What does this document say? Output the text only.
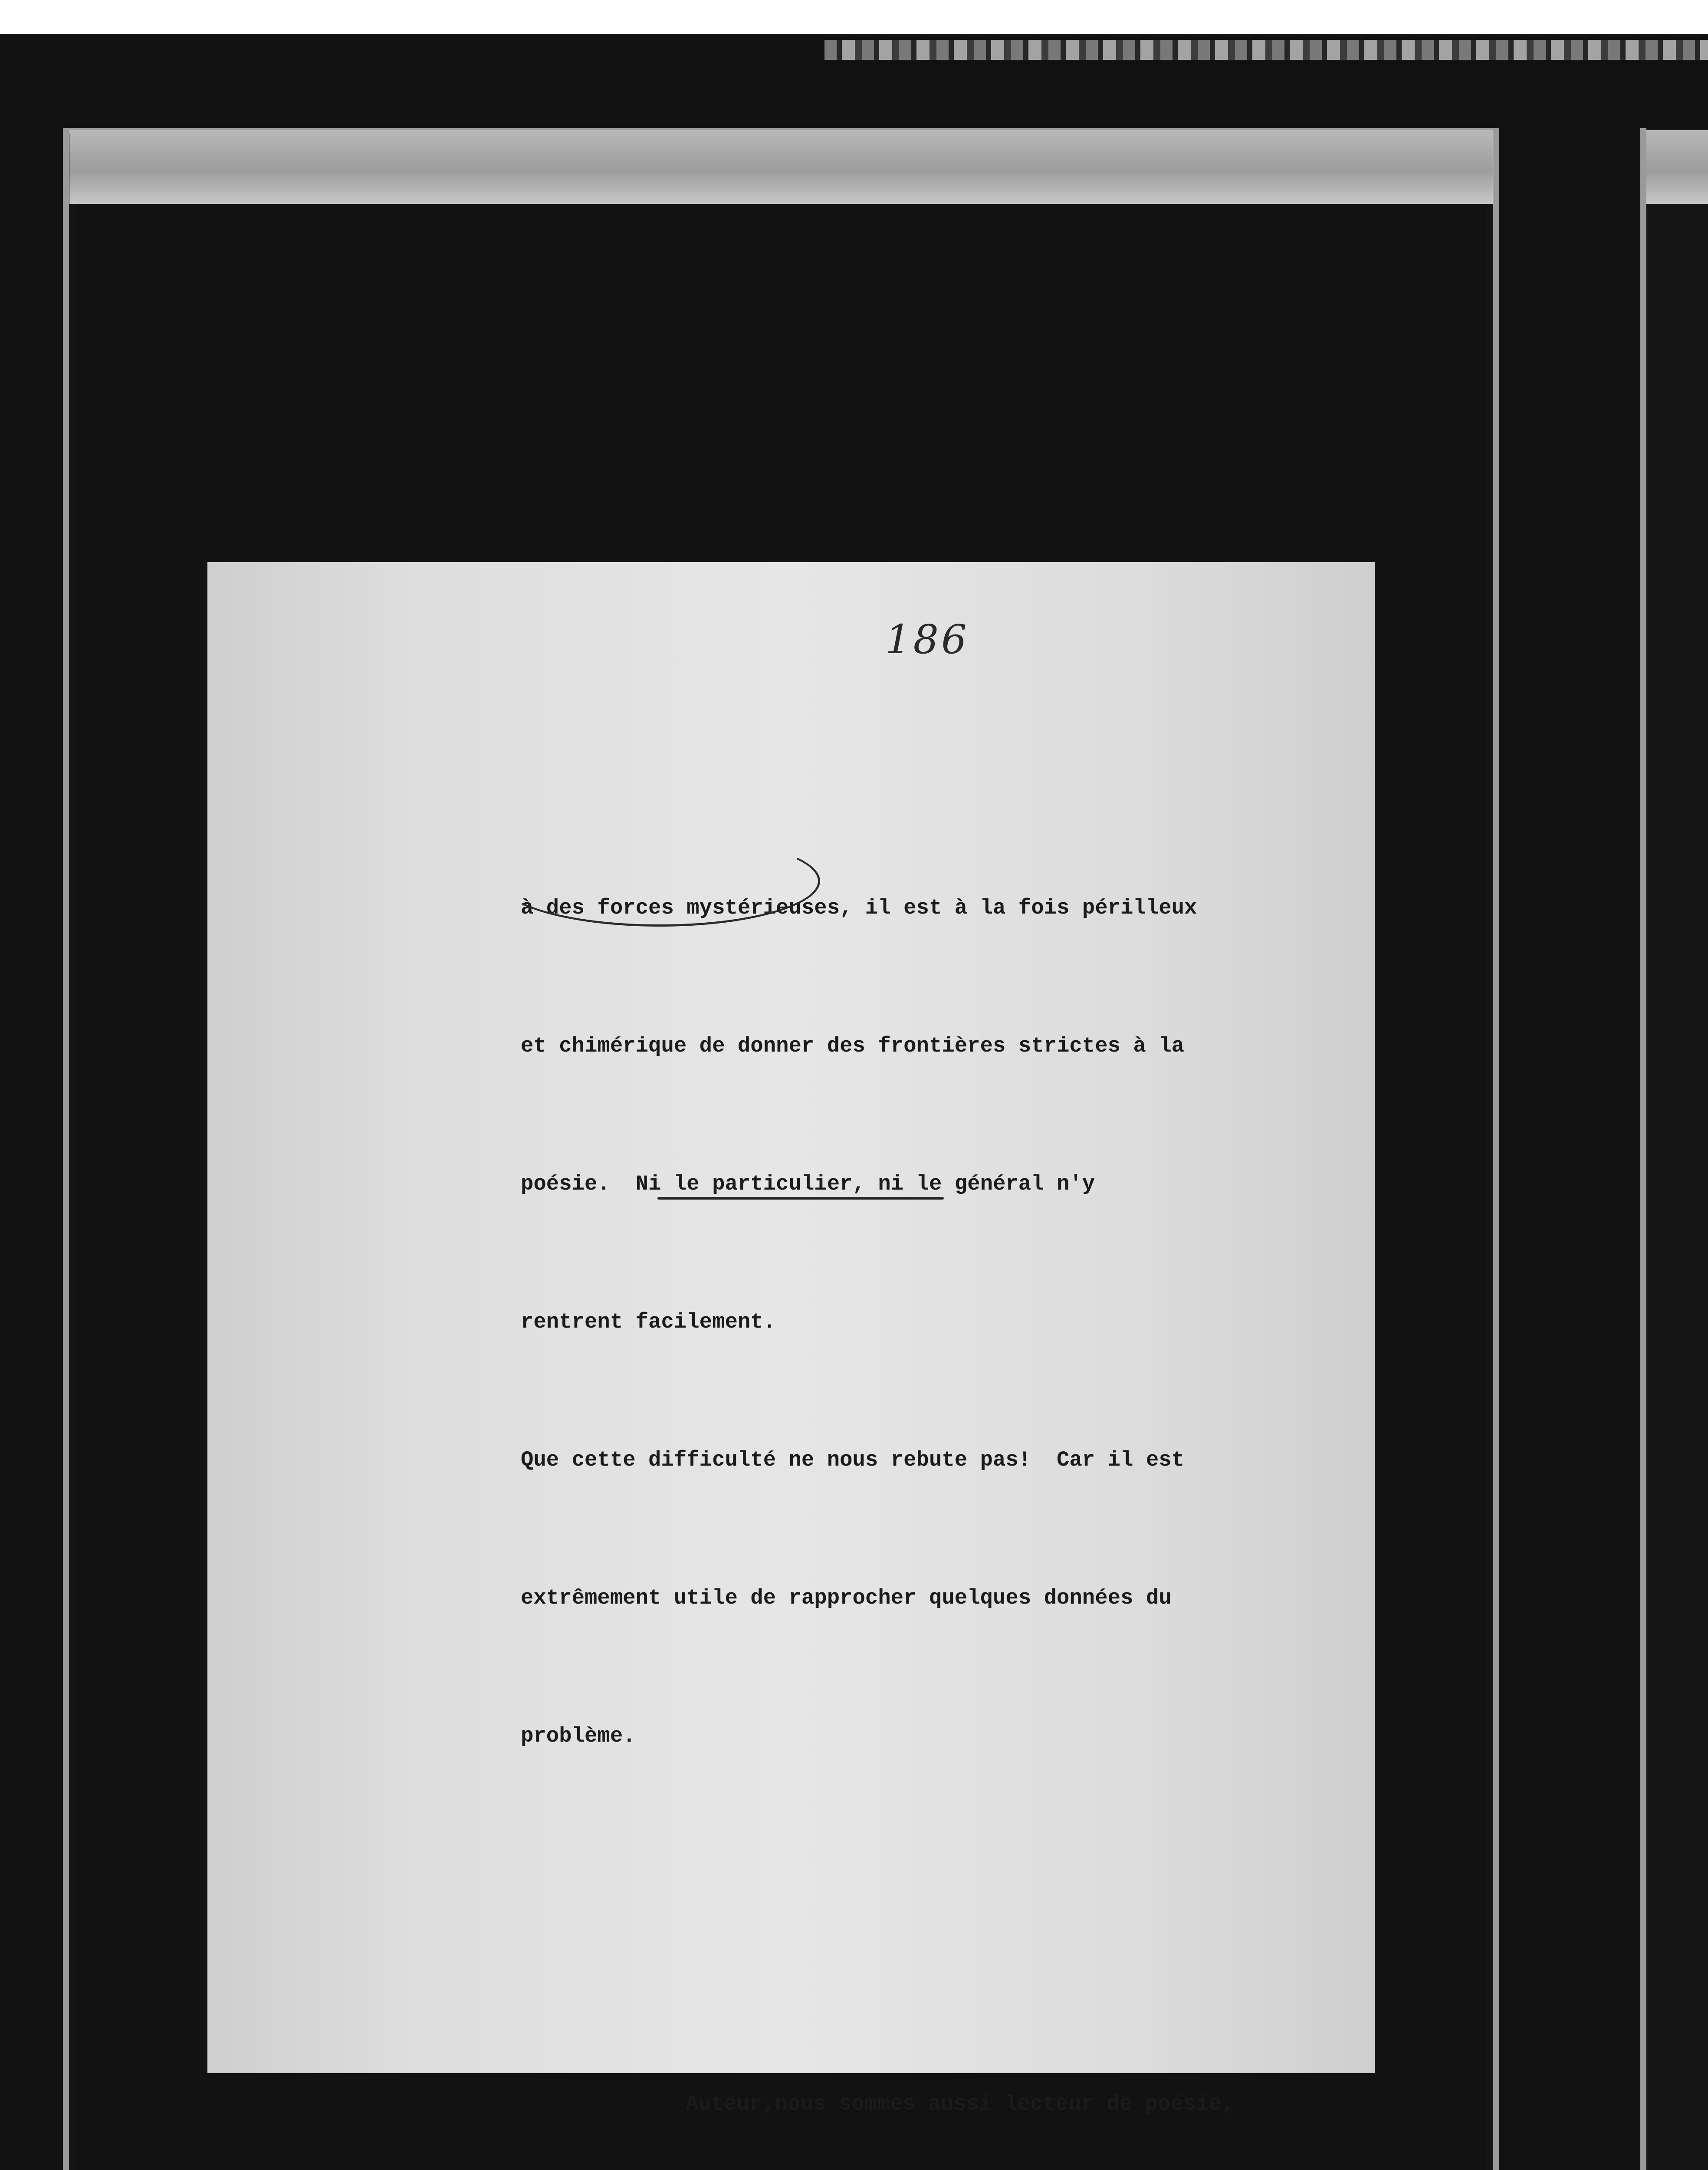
186

à des forces mystérieuses, il est à la fois périlleux

et chimérique de donner des frontières strictes à la

poésie.  Ni le particulier, ni le général n'y

rentrent facilement.

Que cette difficulté ne nous rebute pas!  Car il est

extrêmement utile de rapprocher quelques données du

problème.

Auteur,nous sommes aussi lecteur de poésie,
